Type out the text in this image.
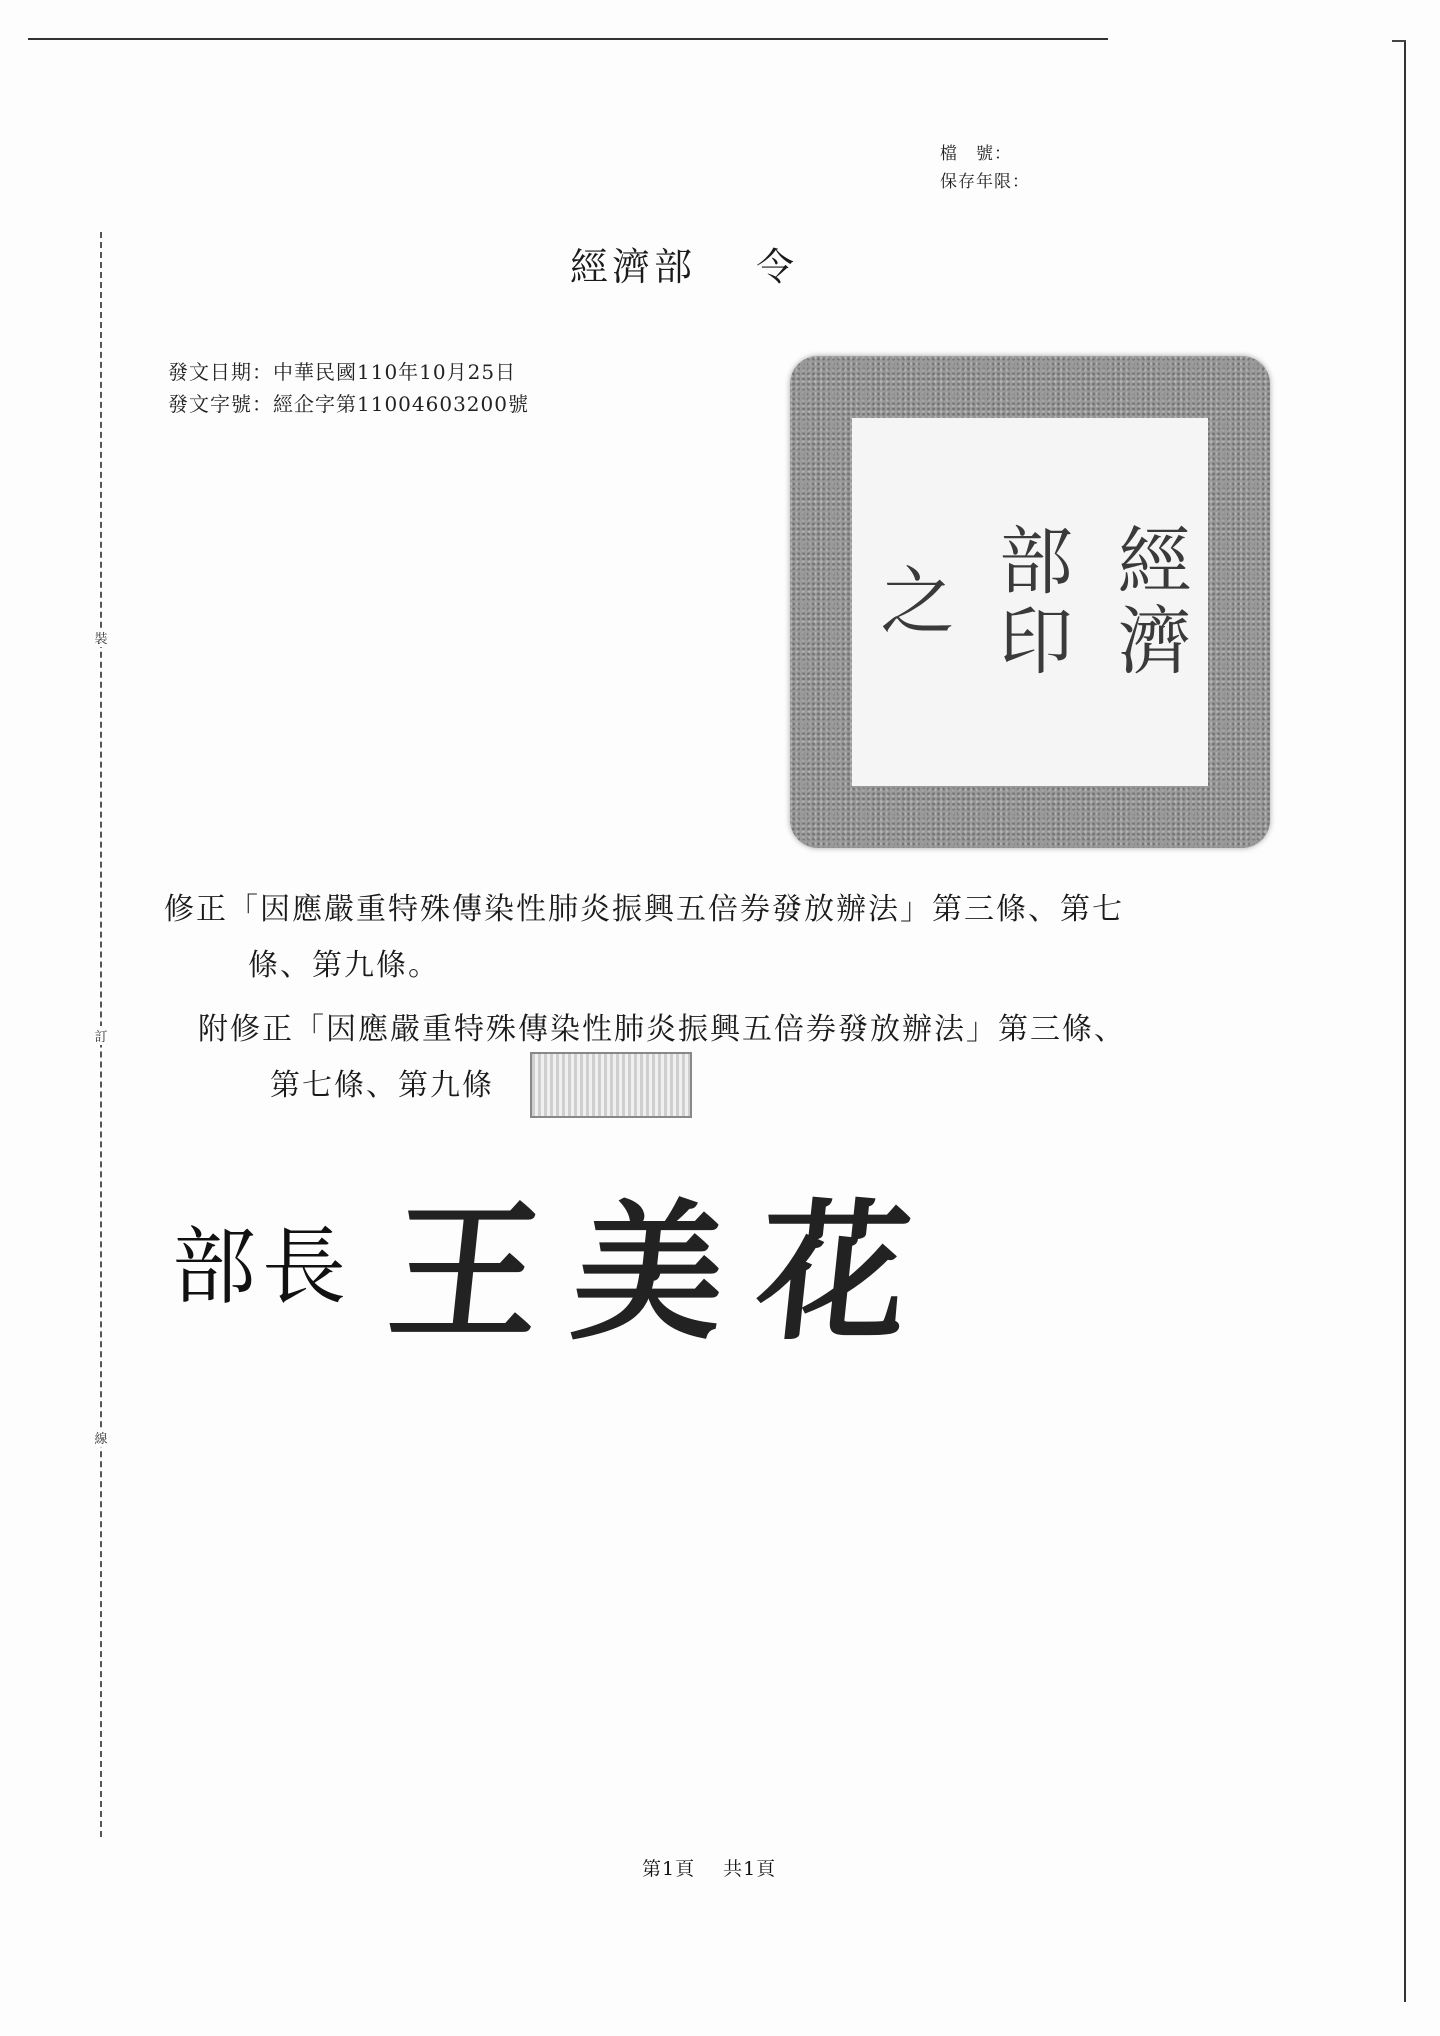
裝
訂
線
檔　號：
保存年限：
經濟部 令
發文日期：中華民國110年10月25日
發文字號：經企字第11004603200號
經濟
部印
之
修正「因應嚴重特殊傳染性肺炎振興五倍券發放辦法」第三條、第七
條、第九條。
附修正「因應嚴重特殊傳染性肺炎振興五倍券發放辦法」第三條、
第七條、第九條
部長 王美花
第1頁 共1頁
